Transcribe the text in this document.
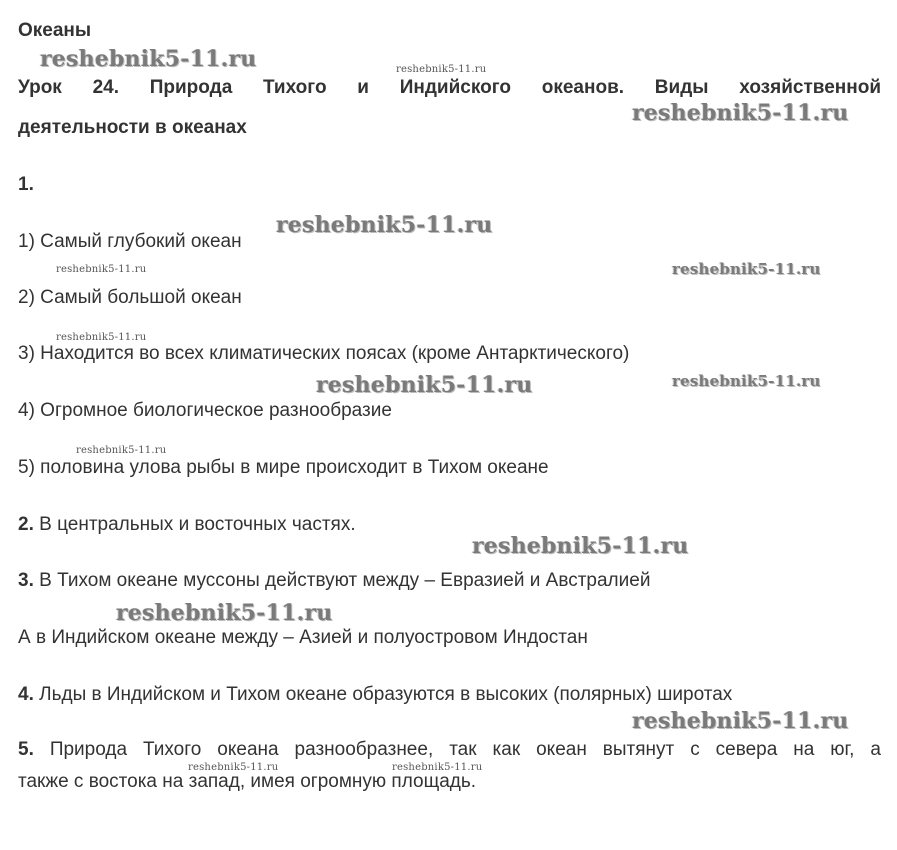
Океаны
Урок 24. Природа Тихого и Индийского океанов. Виды хозяйственной
деятельности в океанах
1.
1) Самый глубокий океан
2) Самый большой океан
3) Находится во всех климатических поясах (кроме Антарктического)
4) Огромное биологическое разнообразие
5) половина улова рыбы в мире происходит в Тихом океане
2. В центральных и восточных частях.
3. В Тихом океане муссоны действуют между – Евразией и Австралией
А в Индийском океане между – Азией и полуостровом Индостан
4. Льды в Индийском и Тихом океане образуются в высоких (полярных) широтах
5. Природа Тихого океана разнообразнее, так как океан вытянут с севера на юг, а
также с востока на запад, имея огромную площадь.
reshebnik5-11.ru	reshebnik5-11.ru
reshebnik5-11.ru
reshebnik5-11.ru
reshebnik5-11.ru	reshebnik5-11.ru
reshebnik5-11.ru
reshebnik5-11.ru	reshebnik5-11.ru
reshebnik5-11.ru
reshebnik5-11.ru
reshebnik5-11.ru
reshebnik5-11.ru
reshebnik5-11.ru	reshebnik5-11.ru
